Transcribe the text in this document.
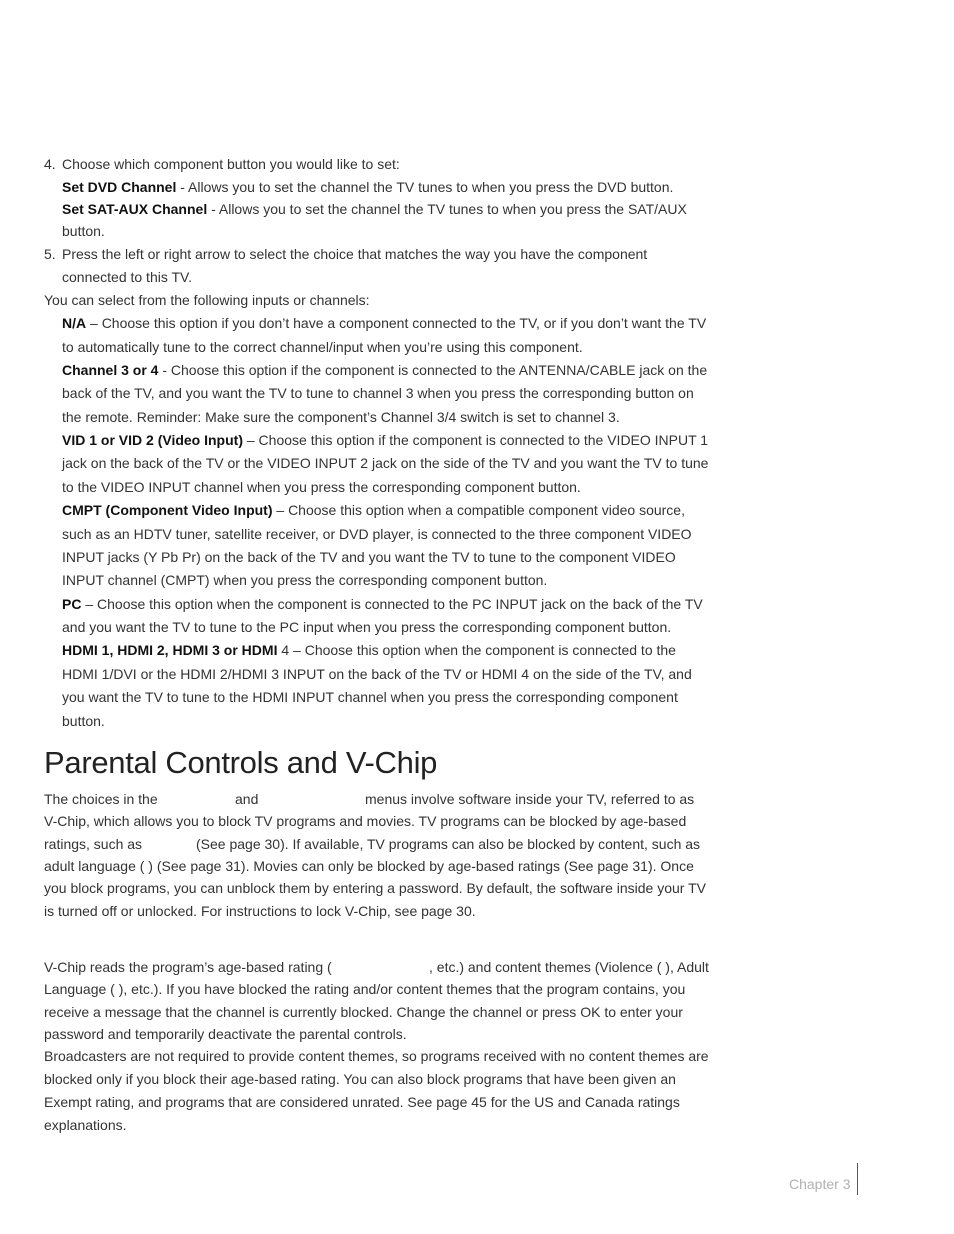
4. Choose which component button you would like to set:
Set DVD Channel - Allows you to set the channel the TV tunes to when you press the DVD button.
Set SAT-AUX Channel - Allows you to set the channel the TV tunes to when you press the SAT/AUX
button.
5. Press the left or right arrow to select the choice that matches the way you have the component
connected to this TV.
You can select from the following inputs or channels:
N/A – Choose this option if you don’t have a component connected to the TV, or if you don’t want the TV
to automatically tune to the correct channel/input when you’re using this component.
Channel 3 or 4 - Choose this option if the component is connected to the ANTENNA/CABLE jack on the
back of the TV, and you want the TV to tune to channel 3 when you press the corresponding button on
the remote. Reminder: Make sure the component’s Channel 3/4 switch is set to channel 3.
VID 1 or VID 2 (Video Input) – Choose this option if the component is connected to the VIDEO INPUT 1
jack on the back of the TV or the VIDEO INPUT 2 jack on the side of the TV and you want the TV to tune
to the VIDEO INPUT channel when you press the corresponding component button.
CMPT (Component Video Input) – Choose this option when a compatible component video source,
such as an HDTV tuner, satellite receiver, or DVD player, is connected to the three component VIDEO
INPUT jacks (Y Pb Pr) on the back of the TV and you want the TV to tune to the component VIDEO
INPUT channel (CMPT) when you press the corresponding component button.
PC – Choose this option when the component is connected to the PC INPUT jack on the back of the TV
and you want the TV to tune to the PC input when you press the corresponding component button.
HDMI 1, HDMI 2, HDMI 3 or HDMI 4 – Choose this option when the component is connected to the
HDMI 1/DVI or the HDMI 2/HDMI 3 INPUT on the back of the TV or HDMI 4 on the side of the TV, and
you want the TV to tune to the HDMI INPUT channel when you press the corresponding component
button.
Parental Controls and V-Chip
The choices in the	and	menus involve software inside your TV, referred to as
V-Chip, which allows you to block TV programs and movies. TV programs can be blocked by age-based
ratings, such as	(See page 30). If available, TV programs can also be blocked by content, such as
adult language ( ) (See page 31). Movies can only be blocked by age-based ratings (See page 31). Once
you block programs, you can unblock them by entering a password. By default, the software inside your TV
is turned off or unlocked. For instructions to lock V-Chip, see page 30.
V-Chip reads the program’s age-based rating (	, etc.) and content themes (Violence ( ), Adult
Language ( ), etc.). If you have blocked the rating and/or content themes that the program contains, you
receive a message that the channel is currently blocked. Change the channel or press OK to enter your
password and temporarily deactivate the parental controls.
Broadcasters are not required to provide content themes, so programs received with no content themes are
blocked only if you block their age-based rating. You can also block programs that have been given an
Exempt rating, and programs that are considered unrated. See page 45 for the US and Canada ratings
explanations.
Chapter 3
